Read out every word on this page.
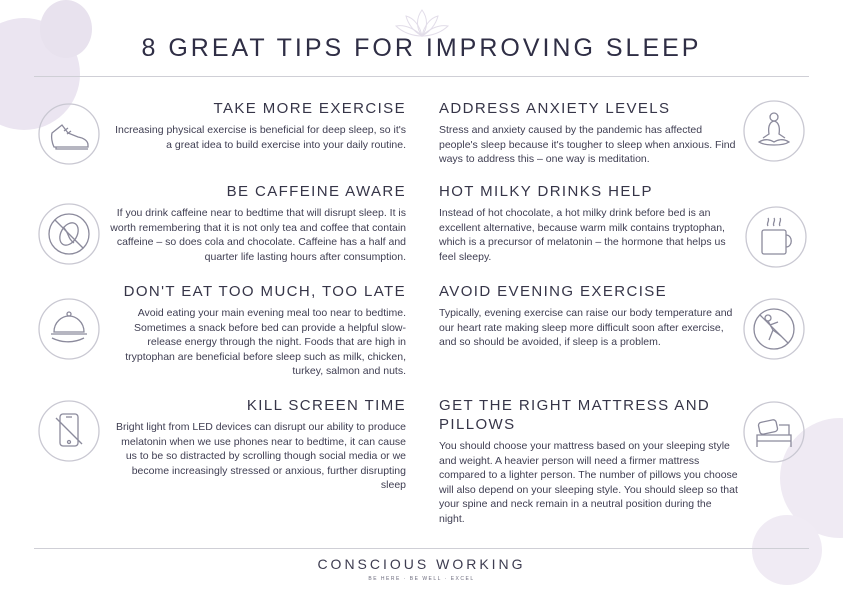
8 GREAT TIPS FOR IMPROVING SLEEP
TAKE MORE EXERCISE

Increasing physical exercise is beneficial for deep sleep, so it's a great idea to build exercise into your daily routine.

BE CAFFEINE AWARE

If you drink caffeine near to bedtime that will disrupt sleep. It is worth remembering that it is not only tea and coffee that contain caffeine – so does cola and chocolate. Caffeine has a half and quarter life lasting hours after consumption.

DON'T EAT TOO MUCH, TOO LATE

Avoid eating your main evening meal too near to bedtime. Sometimes a snack before bed can provide a helpful slow-release energy through the night. Foods that are high in tryptophan are beneficial before sleep such as milk, chicken, turkey, salmon and nuts.

KILL SCREEN TIME

Bright light from LED devices can disrupt our ability to produce melatonin when we use phones near to bedtime, it can cause us to be so distracted by scrolling though social media or we become increasingly stressed or anxious, further disrupting sleep

ADDRESS ANXIETY LEVELS

Stress and anxiety caused by the pandemic has affected people's sleep because it's tougher to sleep when anxious. Find ways to address this – one way is meditation.

HOT MILKY DRINKS HELP

Instead of hot chocolate, a hot milky drink before bed is an excellent alternative, because warm milk contains tryptophan, which is a precursor of melatonin – the hormone that helps us feel sleepy.

AVOID EVENING EXERCISE

Typically, evening exercise can raise our body temperature and our heart rate making sleep more difficult soon after exercise, and so should be avoided, if sleep is a problem.

GET THE RIGHT MATTRESS AND PILLOWS

You should choose your mattress based on your sleeping style and weight. A heavier person will need a firmer mattress compared to a lighter person. The number of pillows you choose will also depend on your sleeping style. You should sleep so that your spine and neck remain in a neutral position during the night.

CONSCIOUS WORKING
BE HERE · BE WELL · EXCEL
